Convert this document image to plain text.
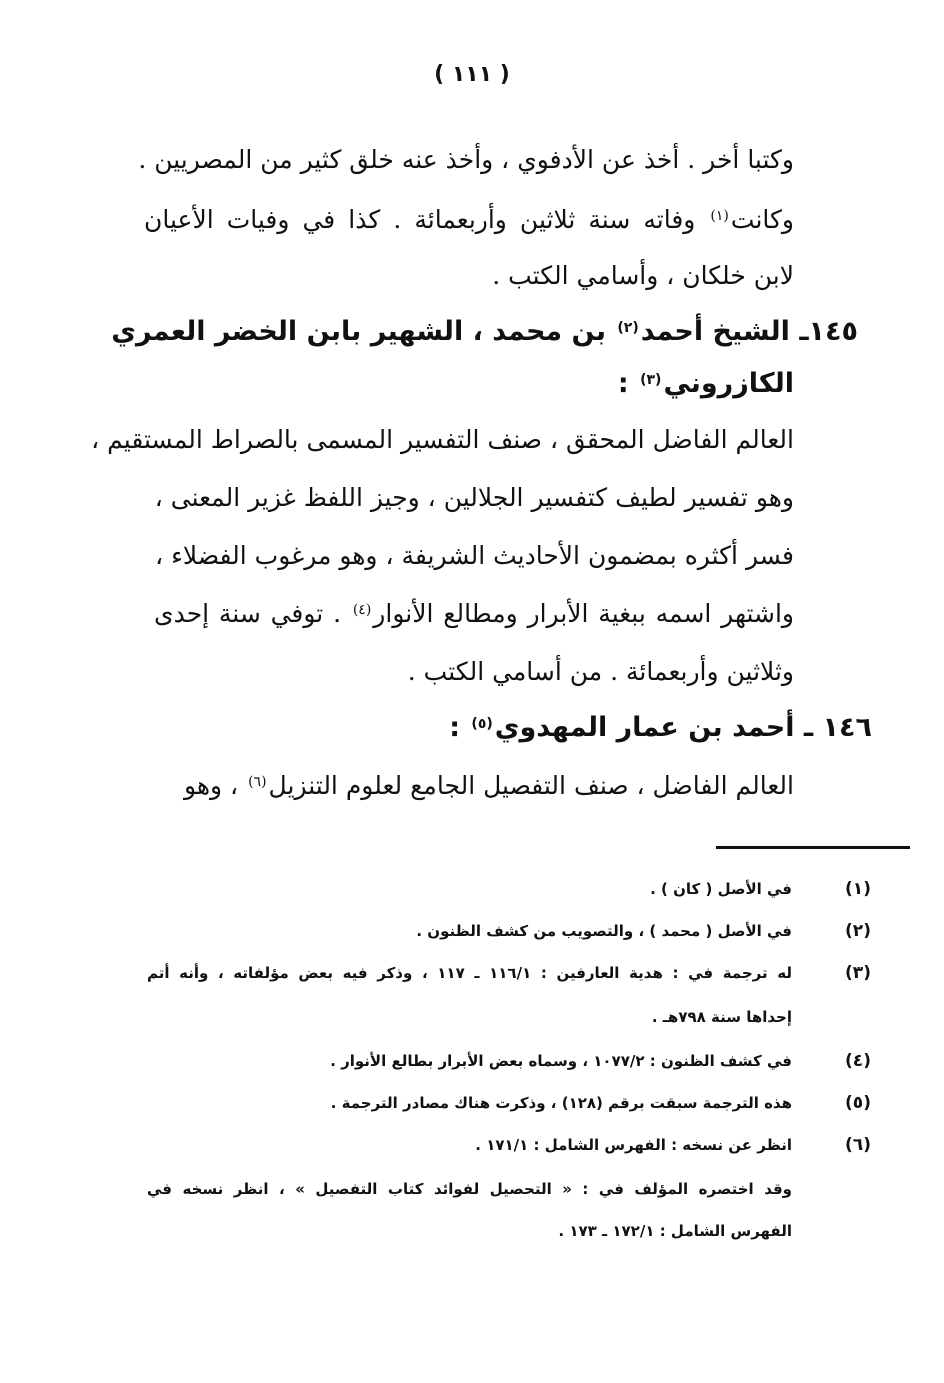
( ١١١ )
وكتبا أخر . أخذ عن الأدفوي ، وأخذ عنه خلق كثير من المصريين .
وكانت$^{(١)}$ وفاته سنة ثلاثين وأربعمائة . كذا في وفيات الأعيان
لابن خلكان ، وأسامي الكتب .
١٤٥ـ الشيخ أحمد$^{(٢)}$ بن محمد ، الشهير بابن الخضر العمري
الكازروني$^{(٣)}$ :
العالم الفاضل المحقق ، صنف التفسير المسمى بالصراط المستقيم ،
وهو تفسير لطيف كتفسير الجلالين ، وجيز اللفظ غزير المعنى ،
فسر أكثره بمضمون الأحاديث الشريفة ، وهو مرغوب الفضلاء ،
واشتهر اسمه ببغية الأبرار ومطالع الأنوار$^{(٤)}$ . توفي سنة إحدى
وثلاثين وأربعمائة . من أسامي الكتب .
١٤٦ ـ أحمد بن عمار المهدوي$^{(٥)}$ :
العالم الفاضل ، صنف التفصيل الجامع لعلوم التنزيل$^{(٦)}$ ، وهو
(١)
في الأصل ( كان ) .
(٢)
في الأصل ( محمد ) ، والتصويب من كشف الظنون .
(٣)
له ترجمة في : هدية العارفين : ١١٦/١ ـ ١١٧ ، وذكر فيه بعض مؤلفاته ، وأنه أتم
إحداها سنة ٧٩٨هـ .
(٤)
في كشف الظنون : ١٠٧٧/٢ ، وسماه بعض الأبرار بطالع الأنوار .
(٥)
هذه الترجمة سبقت برقم (١٢٨) ، وذكرت هناك مصادر الترجمة .
(٦)
انظر عن نسخه : الفهرس الشامل : ١٧١/١ .
وقد اختصره المؤلف في : « التحصيل لفوائد كتاب التفصيل » ، انظر نسخه في
الفهرس الشامل : ١٧٢/١ ـ ١٧٣ .
